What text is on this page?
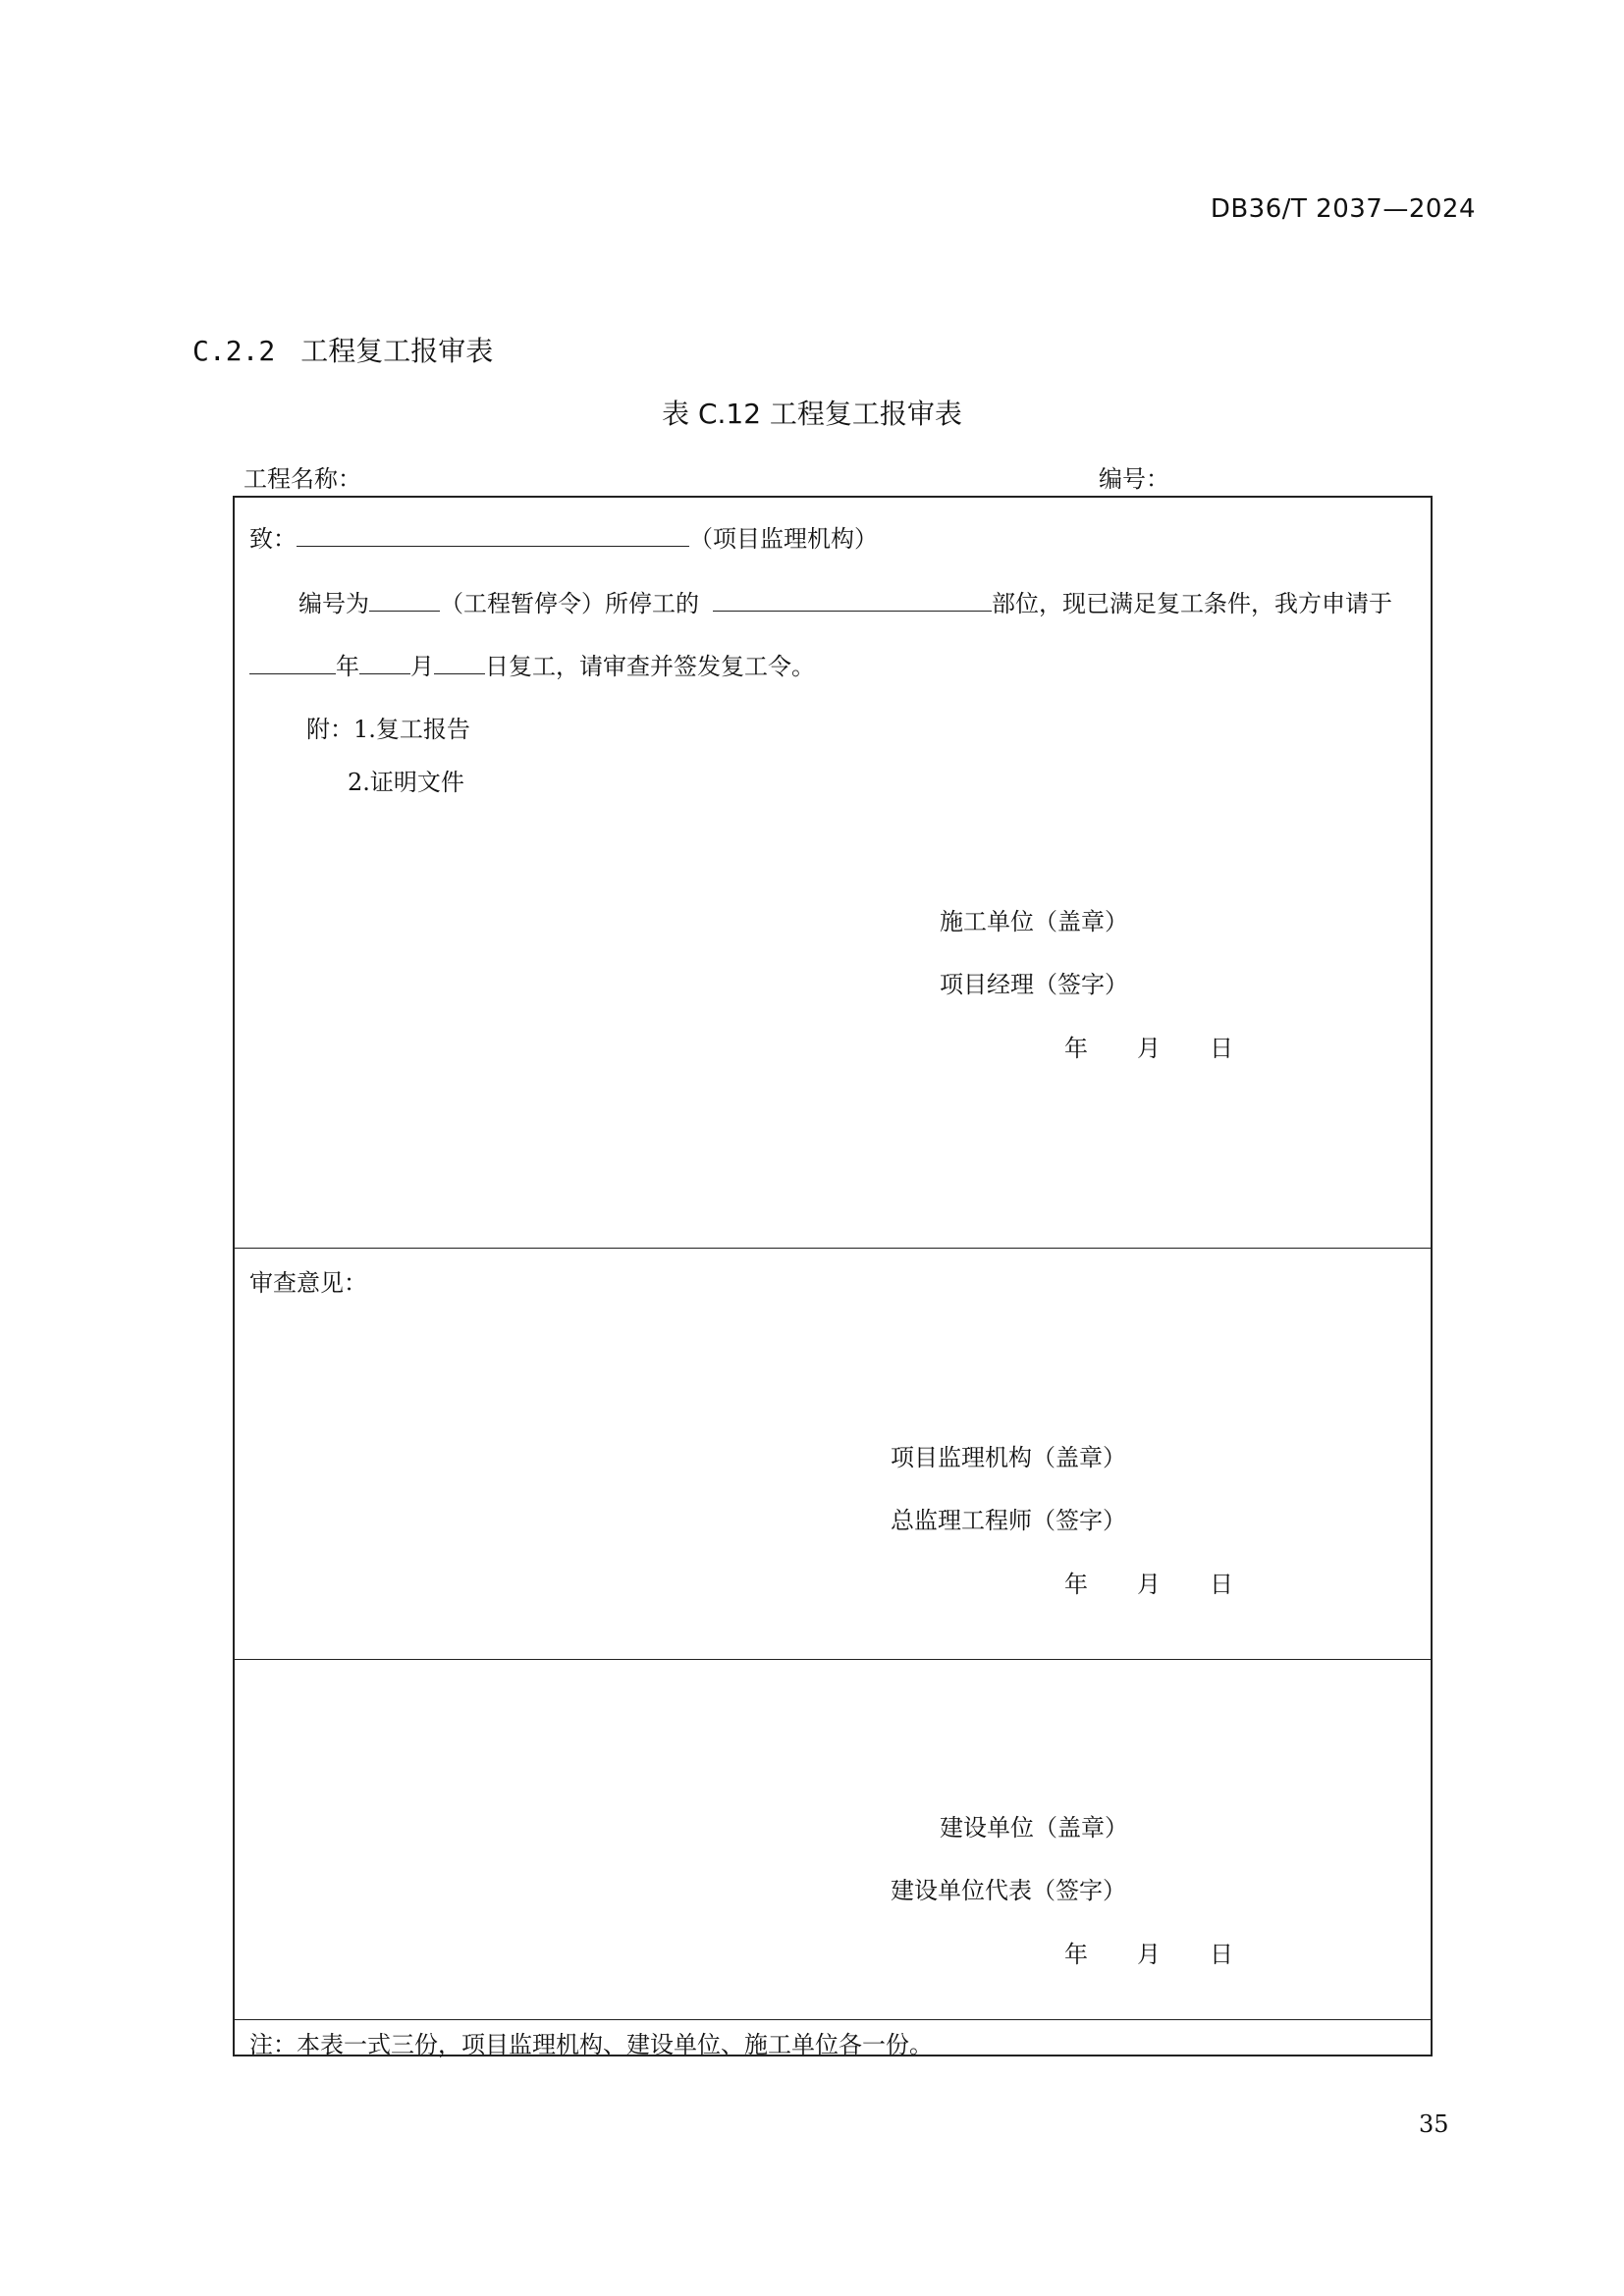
DB36/T 2037—2024
C.2.2 工程复工报审表
表 C.12 工程复工报审表
工程名称：	编号：
致：	（项目监理机构）
编号为	（工程暂停令）所停工的	部位，现已满足复工条件，我方申请于
年 月 日复工，请审查并签发复工令。
附：1.复工报告
2.证明文件
施工单位（盖章）
项目经理（签字）
年 月 日
审查意见：
项目监理机构（盖章）
总监理工程师（签字）
年 月 日
建设单位（盖章）
建设单位代表（签字）
年 月 日
注：本表一式三份，项目监理机构、建设单位、施工单位各一份。
35
